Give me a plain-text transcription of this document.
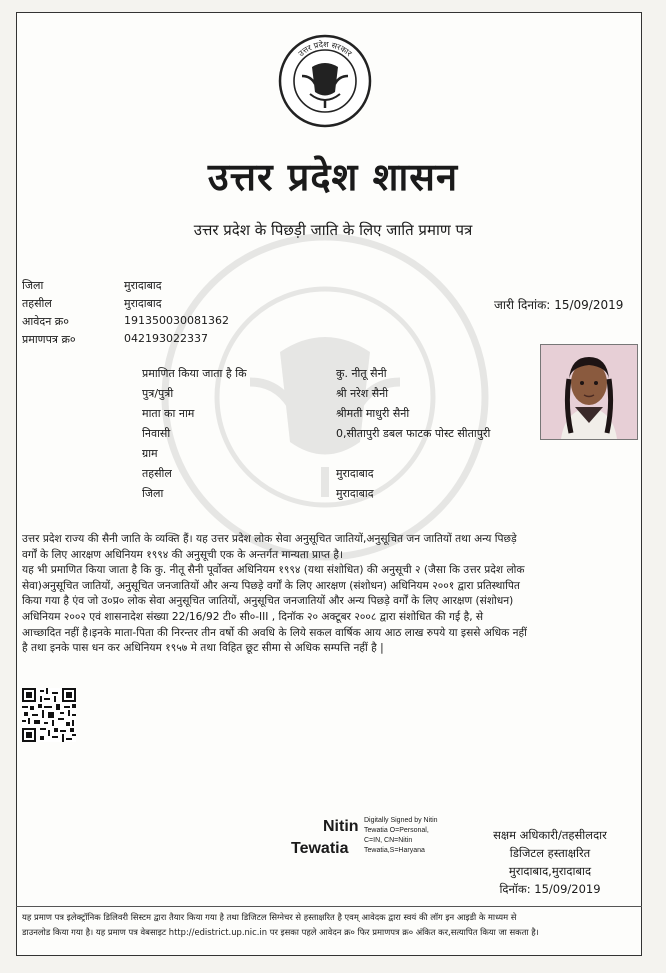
उत्तर प्रदेश सरकार
उत्तर प्रदेश शासन
उत्तर प्रदेश के पिछड़ी जाति के लिए जाति प्रमाण पत्र
जिला	मुरादाबाद
तहसील	मुरादाबाद
आवेदन क्र०	191350030081362
प्रमाणपत्र क्र०	042193022337
जारी दिनांक: 15/09/2019
प्रमाणित किया जाता है कि	कु. नीतू सैनी
पुत्र/पुत्री	श्री नरेश सैनी
माता का नाम	श्रीमती माधुरी सैनी
निवासी	0,सीतापुरी डबल फाटक पोस्ट सीतापुरी
ग्राम
तहसील	मुरादाबाद
जिला	मुरादाबाद
उत्तर प्रदेश राज्य की सैनी जाति के व्यक्ति हैं। यह उत्तर प्रदेश लोक सेवा अनुसूचित जातियों,अनुसूचित जन जातियों तथा अन्य पिछड़े
वर्गों के लिए आरक्षण अधिनियम १९९४ की अनुसूची एक के अन्तर्गत मान्यता प्राप्त है।
यह भी प्रमाणित किया जाता है कि कु. नीतू सैनी पूर्वोक्त अधिनियम १९९४ (यथा संशोधित) की अनुसूची २ (जैसा कि उत्तर प्रदेश लोक
सेवा)अनुसूचित जातियों, अनुसूचित जनजातियों और अन्य पिछड़े वर्गों के लिए आरक्षण (संशोधन) अधिनियम २००१ द्वारा प्रतिस्थापित
किया गया है एंव जो उ०प्र० लोक सेवा अनुसूचित जातियों, अनुसूचित जनजातियों और अन्य पिछड़े वर्गों के लिए आरक्षण (संशोधन)
अधिनियम २००२ एवं शासनादेश संख्या 22/16/92 टी० सी०-III , दिनॉक २० अक्टूबर २००८ द्वारा संशोधित की गई है, से
आच्छादित नहीं है।इनके माता-पिता की निरन्तर तीन वर्षो की अवधि के लिये सकल वार्षिक आय आठ लाख रुपये या इससे अधिक नहीं
है तथा इनके पास धन कर अधिनियम १९५७ मे तथा विहित छूट सीमा से अधिक सम्पत्ति नहीं है |
Nitin
Tewatia
Digitally Signed by Nitin
Tewatia O=Personal,
C=IN, CN=Nitin
Tewatia,S=Haryana
सक्षम अधिकारी/तहसीलदार
डिजिटल हस्ताक्षरित
मुरादाबाद,मुरादाबाद
दिनॉक: 15/09/2019
यह प्रमाण पत्र इलेक्ट्रॉनिक डिलिवरी सिस्टम द्वारा तैयार किया गया है तथा डिजिटल सिग्नेचर से हस्ताक्षरित है एवम् आवेदक द्वारा स्वयं की लॉग इन आइडी के माध्यम से
डाउनलोड किया गया है। यह प्रमाण पत्र वेबसाइट http://edistrict.up.nic.in पर इसका पहले आवेदन क्र० फिर प्रमाणपत्र क्र० अंकित कर,सत्यापित किया जा सकता है।
